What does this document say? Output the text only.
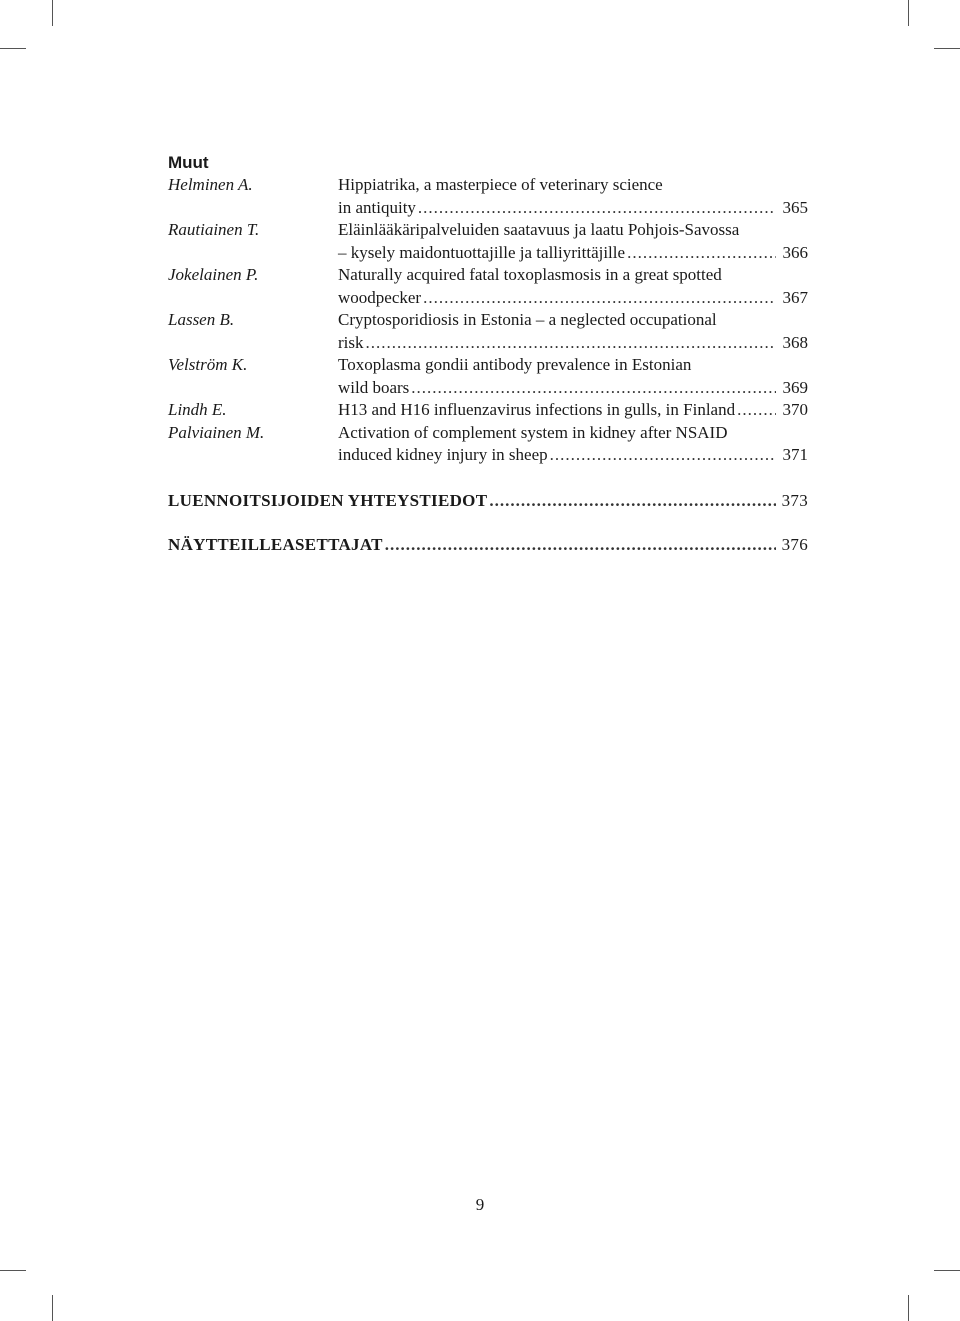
Muut
Helminen A.	Hippiatrika, a masterpiece of veterinary science
in antiquity .....	365
Rautiainen T.	Eläinlääkäripalveluiden saatavuus ja laatu Pohjois-Savossa
– kysely maidontuottajille ja talliyrittäjille .....	366
Jokelainen P.	Naturally acquired fatal toxoplasmosis in a great spotted
woodpecker .....	367
Lassen B.	Cryptosporidiosis in Estonia – a neglected occupational
risk .....	368
Velström K.	Toxoplasma gondii antibody prevalence in Estonian
wild boars .....	369
Lindh E.	H13 and H16 influenzavirus infections in gulls, in Finland .....	370
Palviainen M.	Activation of complement system in kidney after NSAID
induced kidney injury in sheep .....	371
LUENNOITSIJOIDEN YHTEYSTIEDOT .....	373
NÄYTTEILLEASETTAJAT .....	376
9
